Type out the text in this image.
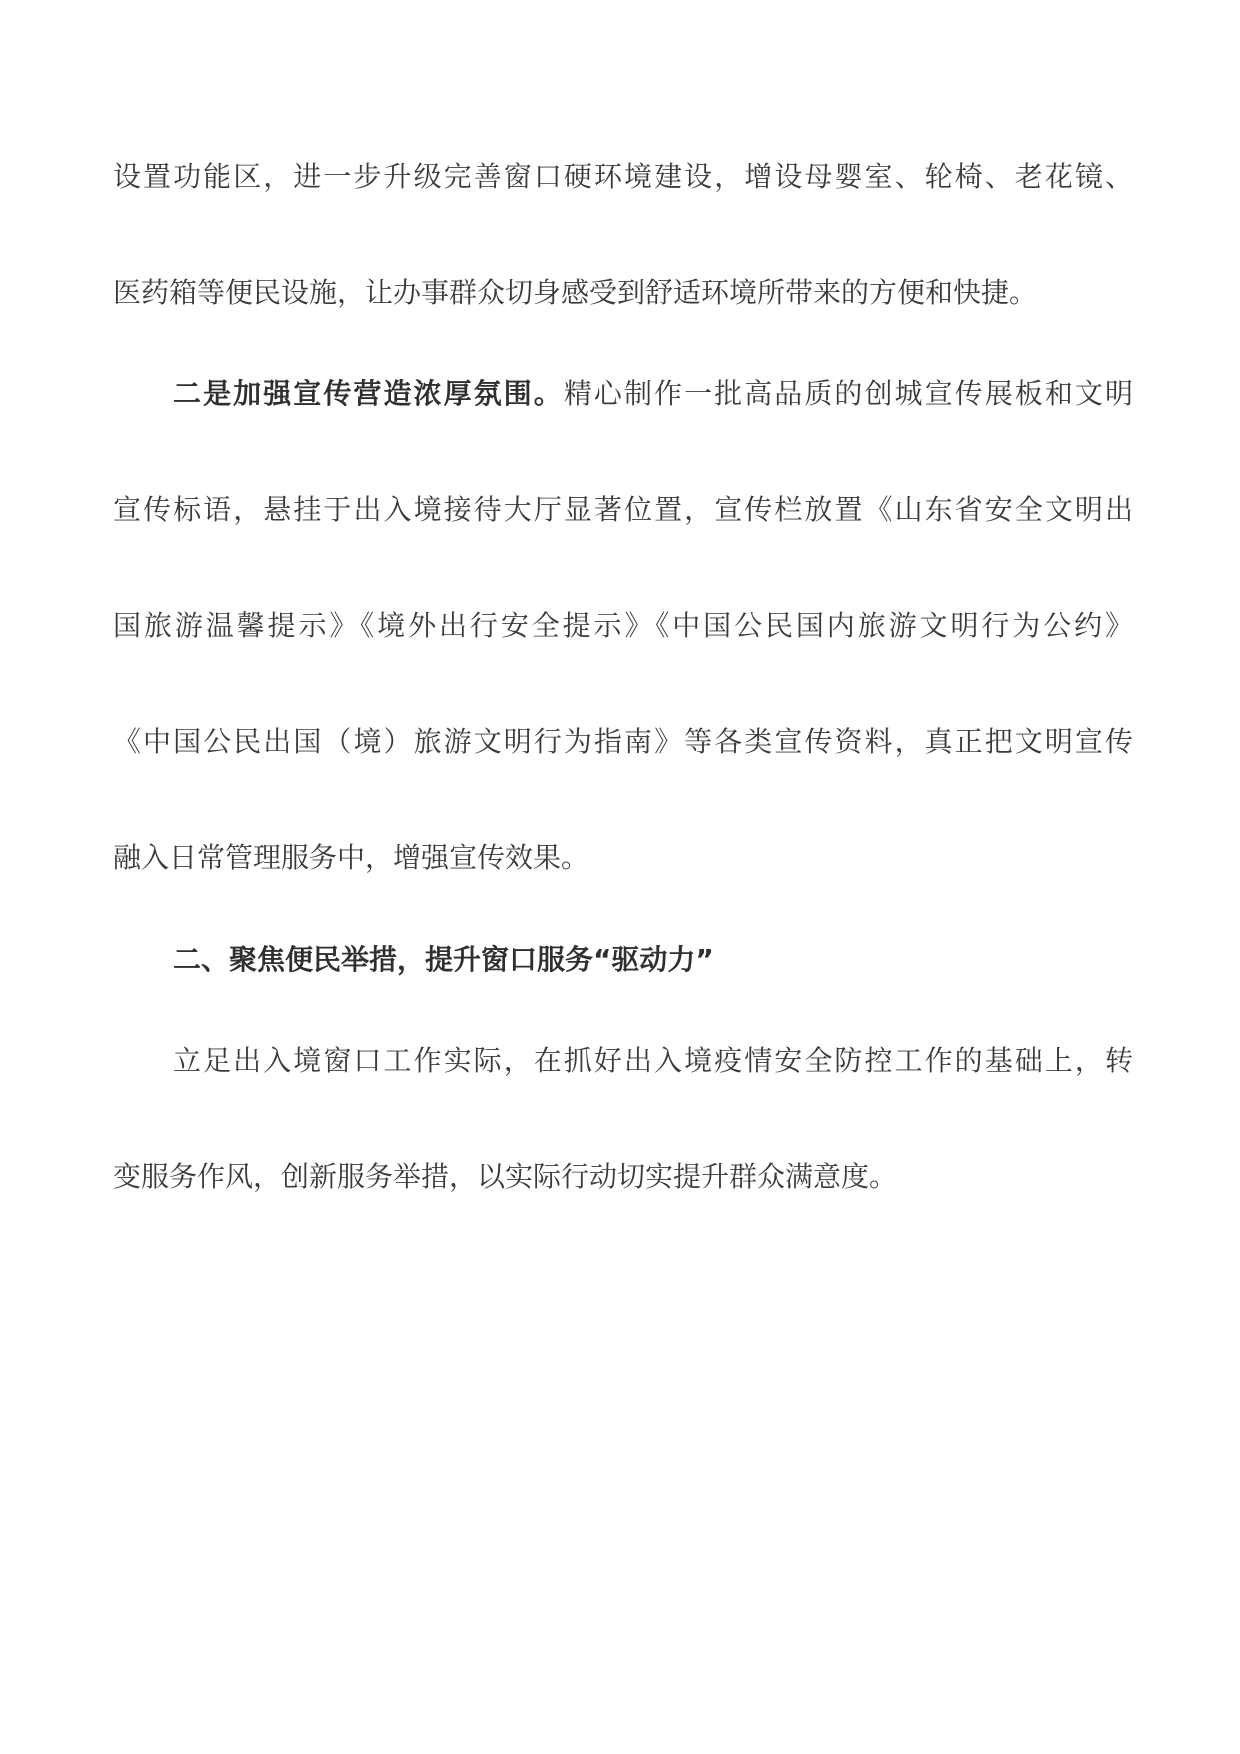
设置功能区，进一步升级完善窗口硬环境建设，增设母婴室、轮椅、老花镜、
医药箱等便民设施，让办事群众切身感受到舒适环境所带来的方便和快捷。
二是加强宣传营造浓厚氛围。精心制作一批高品质的创城宣传展板和文明
宣传标语，悬挂于出入境接待大厅显著位置，宣传栏放置《山东省安全文明出
国旅游温馨提示》《境外出行安全提示》《中国公民国内旅游文明行为公约》
《中国公民出国（境）旅游文明行为指南》等各类宣传资料，真正把文明宣传
融入日常管理服务中，增强宣传效果。
二、聚焦便民举措，提升窗口服务“驱动力”
立足出入境窗口工作实际，在抓好出入境疫情安全防控工作的基础上，转
变服务作风，创新服务举措，以实际行动切实提升群众满意度。
